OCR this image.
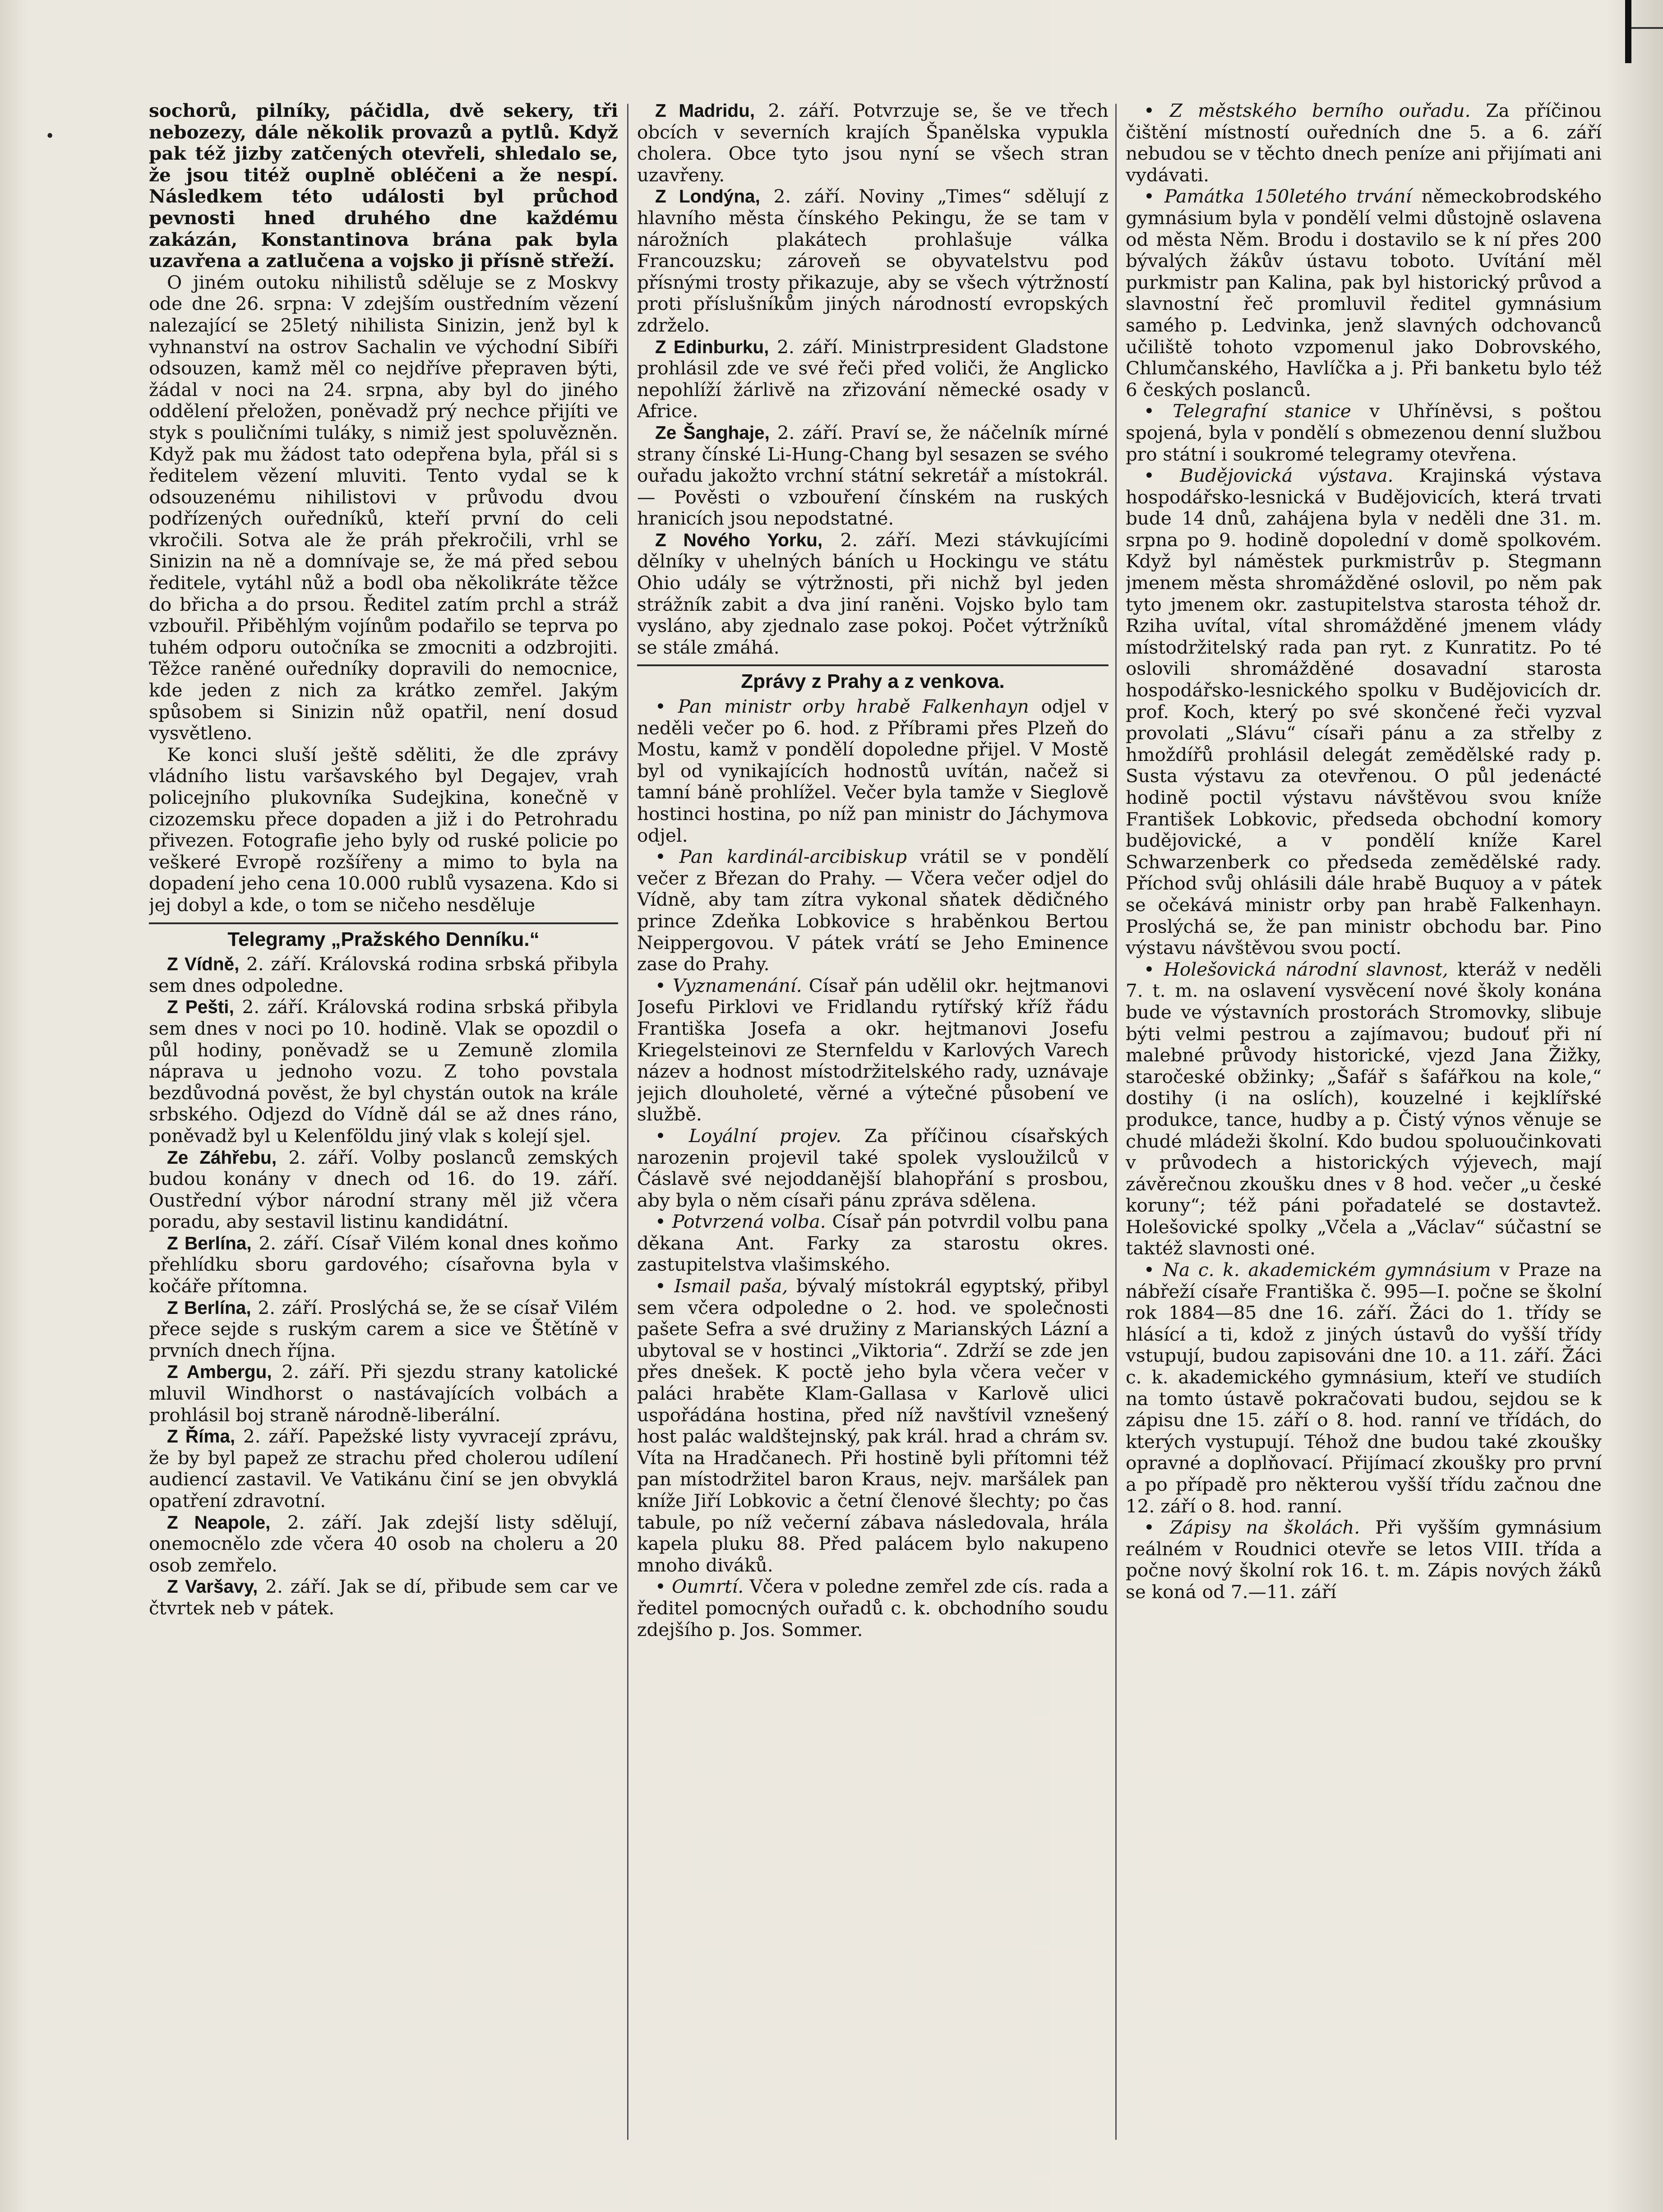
•

sochorů, pilníky, páčidla, dvě sekery, tři nebozezy, dále několik provazů a pytlů. Když pak též jizby zatčených otevřeli, shledalo se, že jsou titéž ouplně obléčeni a že nespí. Následkem této události byl průchod pevnosti hned druhého dne každému zakázán, Konstantinova brána pak byla uzavřena a zatlučena a vojsko ji přísně střeží.

O jiném outoku nihilistů sděluje se z Moskvy ode dne 26. srpna: V zdejším oustředním vězení nalezající se 25letý nihilista Sinizin, jenž byl k vyhnanství na ostrov Sachalin ve východní Sibíři odsouzen, kamž měl co nejdříve přepraven býti, žádal v noci na 24. srpna, aby byl do jiného oddělení přeložen, poněvadž prý nechce přijíti ve styk s pouličními tuláky, s nimiž jest spoluvězněn. Když pak mu žádost tato odepřena byla, přál si s ředitelem vězení mluviti. Tento vydal se k odsouzenému nihilistovi v průvodu dvou podřízených ouředníků, kteří první do celi vkročili. Sotva ale že práh překročili, vrhl se Sinizin na ně a domnívaje se, že má před sebou ředitele, vytáhl nůž a bodl oba několikráte těžce do břicha a do prsou. Ředitel zatím prchl a stráž vzbouřil. Přiběhlým vojínům podařilo se teprva po tuhém odporu outočníka se zmocniti a odzbrojiti. Těžce raněné ouředníky dopravili do nemocnice, kde jeden z nich za krátko zemřel. Jakým spůsobem si Sinizin nůž opatřil, není dosud vysvětleno.

Ke konci sluší ještě sděliti, že dle zprávy vládního listu varšavského byl Degajev, vrah policejního plukovníka Sudejkina, konečně v cizozemsku přece dopaden a již i do Petrohradu přivezen. Fotografie jeho byly od ruské policie po veškeré Evropě rozšířeny a mimo to byla na dopadení jeho cena 10.000 rublů vysazena. Kdo si jej dobyl a kde, o tom se ničeho nesděluje

Telegramy „Pražského Denníku.“

Z Vídně, 2. září. Královská rodina srbská přibyla sem dnes odpoledne.

Z Pešti, 2. září. Královská rodina srbská přibyla sem dnes v noci po 10. hodině. Vlak se opozdil o půl hodiny, poněvadž se u Zemuně zlomila náprava u jednoho vozu. Z toho povstala bezdůvodná pověst, že byl chystán outok na krále srbského. Odjezd do Vídně dál se až dnes ráno, poněvadž byl u Kelenföldu jiný vlak s kolejí sjel.

Ze Záhřebu, 2. září. Volby poslanců zemských budou konány v dnech od 16. do 19. září. Oustřední výbor národní strany měl již včera poradu, aby sestavil listinu kandidátní.

Z Berlína, 2. září. Císař Vilém konal dnes koňmo přehlídku sboru gardového; císařovna byla v kočáře přítomna.

Z Berlína, 2. září. Proslýchá se, že se císař Vilém přece sejde s ruským carem a sice ve Štětíně v prvních dnech října.

Z Ambergu, 2. září. Při sjezdu strany katolické mluvil Windhorst o nastávajících volbách a prohlásil boj straně národně-liberální.

Z Říma, 2. září. Papežské listy vyvracejí zprávu, že by byl papež ze strachu před cholerou udílení audiencí zastavil. Ve Vatikánu činí se jen obvyklá opatření zdravotní.

Z Neapole, 2. září. Jak zdejší listy sdělují, onemocnělo zde včera 40 osob na choleru a 20 osob zemřelo.

Z Varšavy, 2. září. Jak se dí, přibude sem car ve čtvrtek neb v pátek.

Z Madridu, 2. září. Potvrzuje se, še ve třech obcích v severních krajích Španělska vypukla cholera. Obce tyto jsou nyní se všech stran uzavřeny.

Z Londýna, 2. září. Noviny „Times“ sdělují z hlavního města čínského Pekingu, že se tam v nárožních plakátech prohlašuje válka Francouzsku; zároveň se obyvatelstvu pod přísnými trosty přikazuje, aby se všech výtržností proti příslušníkům jiných národností evropských zdrželo.

Z Edinburku, 2. září. Ministrpresident Gladstone prohlásil zde ve své řeči před voliči, že Anglicko nepohlíží žárlivě na zřizování německé osady v Africe.

Ze Šanghaje, 2. září. Praví se, že náčelník mírné strany čínské Li-Hung-Chang byl sesazen se svého ouřadu jakožto vrchní státní sekretář a místokrál. — Pověsti o vzbouření čínském na ruských hranicích jsou nepodstatné.

Z Nového Yorku, 2. září. Mezi stávkujícími dělníky v uhelných báních u Hockingu ve státu Ohio udály se výtržnosti, při nichž byl jeden strážník zabit a dva jiní raněni. Vojsko bylo tam vysláno, aby zjednalo zase pokoj. Počet výtržníků se stále zmáhá.

Zprávy z Prahy a z venkova.

• Pan ministr orby hrabě Falkenhayn odjel v neděli večer po 6. hod. z Příbrami přes Plzeň do Mostu, kamž v pondělí dopoledne přijel. V Mostě byl od vynikajících hodnostů uvítán, načež si tamní báně prohlížel. Večer byla tamže v Sieglově hostinci hostina, po níž pan ministr do Jáchymova odjel.

• Pan kardinál-arcibiskup vrátil se v pondělí večer z Březan do Prahy. — Včera večer odjel do Vídně, aby tam zítra vykonal sňatek dědičného prince Zdeňka Lobkovice s hraběnkou Bertou Neippergovou. V pátek vrátí se Jeho Eminence zase do Prahy.

• Vyznamenání. Císař pán udělil okr. hejtmanovi Josefu Pirklovi ve Fridlandu rytířský kříž řádu Františka Josefa a okr. hejtmanovi Josefu Kriegelsteinovi ze Sternfeldu v Karlových Varech název a hodnost místodržitelského rady, uznávaje jejich dlouholeté, věrné a výtečné působení ve službě.

• Loyální projev. Za příčinou císařských narozenin projevil také spolek vysloužilců v Čáslavě své nejoddanější blahopřání s prosbou, aby byla o něm císaři pánu zpráva sdělena.

• Potvrzená volba. Císař pán potvrdil volbu pana děkana Ant. Farky za starostu okres. zastupitelstva vlašimského.

• Ismail paša, bývalý místokrál egyptský, přibyl sem včera odpoledne o 2. hod. ve společnosti pašete Sefra a své družiny z Marianských Lázní a ubytoval se v hostinci „Viktoria“. Zdrží se zde jen přes dnešek. K poctě jeho byla včera večer v paláci hraběte Klam-Gallasa v Karlově ulici uspořádána hostina, před níž navštívil vznešený host palác waldštejnský, pak král. hrad a chrám sv. Víta na Hradčanech. Při hostině byli přítomni též pan místodržitel baron Kraus, nejv. maršálek pan kníže Jiří Lobkovic a četní členové šlechty; po čas tabule, po níž večerní zábava následovala, hrála kapela pluku 88. Před palácem bylo nakupeno mnoho diváků.

• Oumrtí. Včera v poledne zemřel zde cís. rada a ředitel pomocných ouřadů c. k. obchodního soudu zdejšího p. Jos. Sommer.

• Z městského berního ouřadu. Za příčinou čištění místností ouředních dne 5. a 6. září nebudou se v těchto dnech peníze ani přijímati ani vydávati.

• Památka 150letého trvání německobrodského gymnásium byla v pondělí velmi důstojně oslavena od města Něm. Brodu i dostavilo se k ní přes 200 bývalých žákův ústavu toboto. Uvítání měl purkmistr pan Kalina, pak byl historický průvod a slavnostní řeč promluvil ředitel gymnásium samého p. Ledvinka, jenž slavných odchovanců učiliště tohoto vzpomenul jako Dobrovského, Chlumčanského, Havlíčka a j. Při banketu bylo též 6 českých poslanců.

• Telegrafní stanice v Uhříněvsi, s poštou spojená, byla v pondělí s obmezenou denní službou pro státní i soukromé telegramy otevřena.

• Budějovická výstava. Krajinská výstava hospodářsko-lesnická v Budějovicích, která trvati bude 14 dnů, zahájena byla v neděli dne 31. m. srpna po 9. hodině dopolední v domě spolkovém. Když byl náměstek purkmistrův p. Stegmann jmenem města shromážděné oslovil, po něm pak tyto jmenem okr. zastupitelstva starosta téhož dr. Rziha uvítal, vítal shromážděné jmenem vlády místodržitelský rada pan ryt. z Kunratitz. Po té oslovili shromážděné dosavadní starosta hospodářsko-lesnického spolku v Budějovicích dr. prof. Koch, který po své skončené řeči vyzval provolati „Slávu“ císaři pánu a za střelby z hmoždířů prohlásil delegát zemědělské rady p. Susta výstavu za otevřenou. O půl jedenácté hodině poctil výstavu návštěvou svou kníže František Lobkovic, předseda obchodní komory budějovické, a v pondělí kníže Karel Schwarzenberk co předseda zemědělské rady. Příchod svůj ohlásili dále hrabě Buquoy a v pátek se očekává ministr orby pan hrabě Falkenhayn. Proslýchá se, že pan ministr obchodu bar. Pino výstavu návštěvou svou poctí.

• Holešovická národní slavnost, kteráž v neděli 7. t. m. na oslavení vysvěcení nové školy konána bude ve výstavních prostorách Stromovky, slibuje býti velmi pestrou a zajímavou; budouť při ní malebné průvody historické, vjezd Jana Žižky, staročeské obžinky; „Šafář s šafářkou na kole,“ dostihy (i na oslích), kouzelné i kejklířské produkce, tance, hudby a p. Čistý výnos věnuje se chudé mládeži školní. Kdo budou spoluoučinkovati v průvodech a historických výjevech, mají závěrečnou zkoušku dnes v 8 hod. večer „u české koruny“; též páni pořadatelé se dostavtež. Holešovické spolky „Včela a „Václav“ súčastní se taktéž slavnosti oné.

• Na c. k. akademickém gymnásium v Praze na nábřeží císaře Františka č. 995—I. počne se školní rok 1884—85 dne 16. září. Žáci do 1. třídy se hlásící a ti, kdož z jiných ústavů do vyšší třídy vstupují, budou zapisováni dne 10. a 11. září. Žáci c. k. akademického gymnásium, kteří ve studiích na tomto ústavě pokračovati budou, sejdou se k zápisu dne 15. září o 8. hod. ranní ve třídách, do kterých vystupují. Téhož dne budou také zkoušky opravné a doplňovací. Přijímací zkoušky pro první a po případě pro některou vyšší třídu začnou dne 12. září o 8. hod. ranní.

• Zápisy na školách. Při vyšším gymnásium reálném v Roudnici otevře se letos VIII. třída a počne nový školní rok 16. t. m. Zápis nových žáků se koná od 7.—11. září
